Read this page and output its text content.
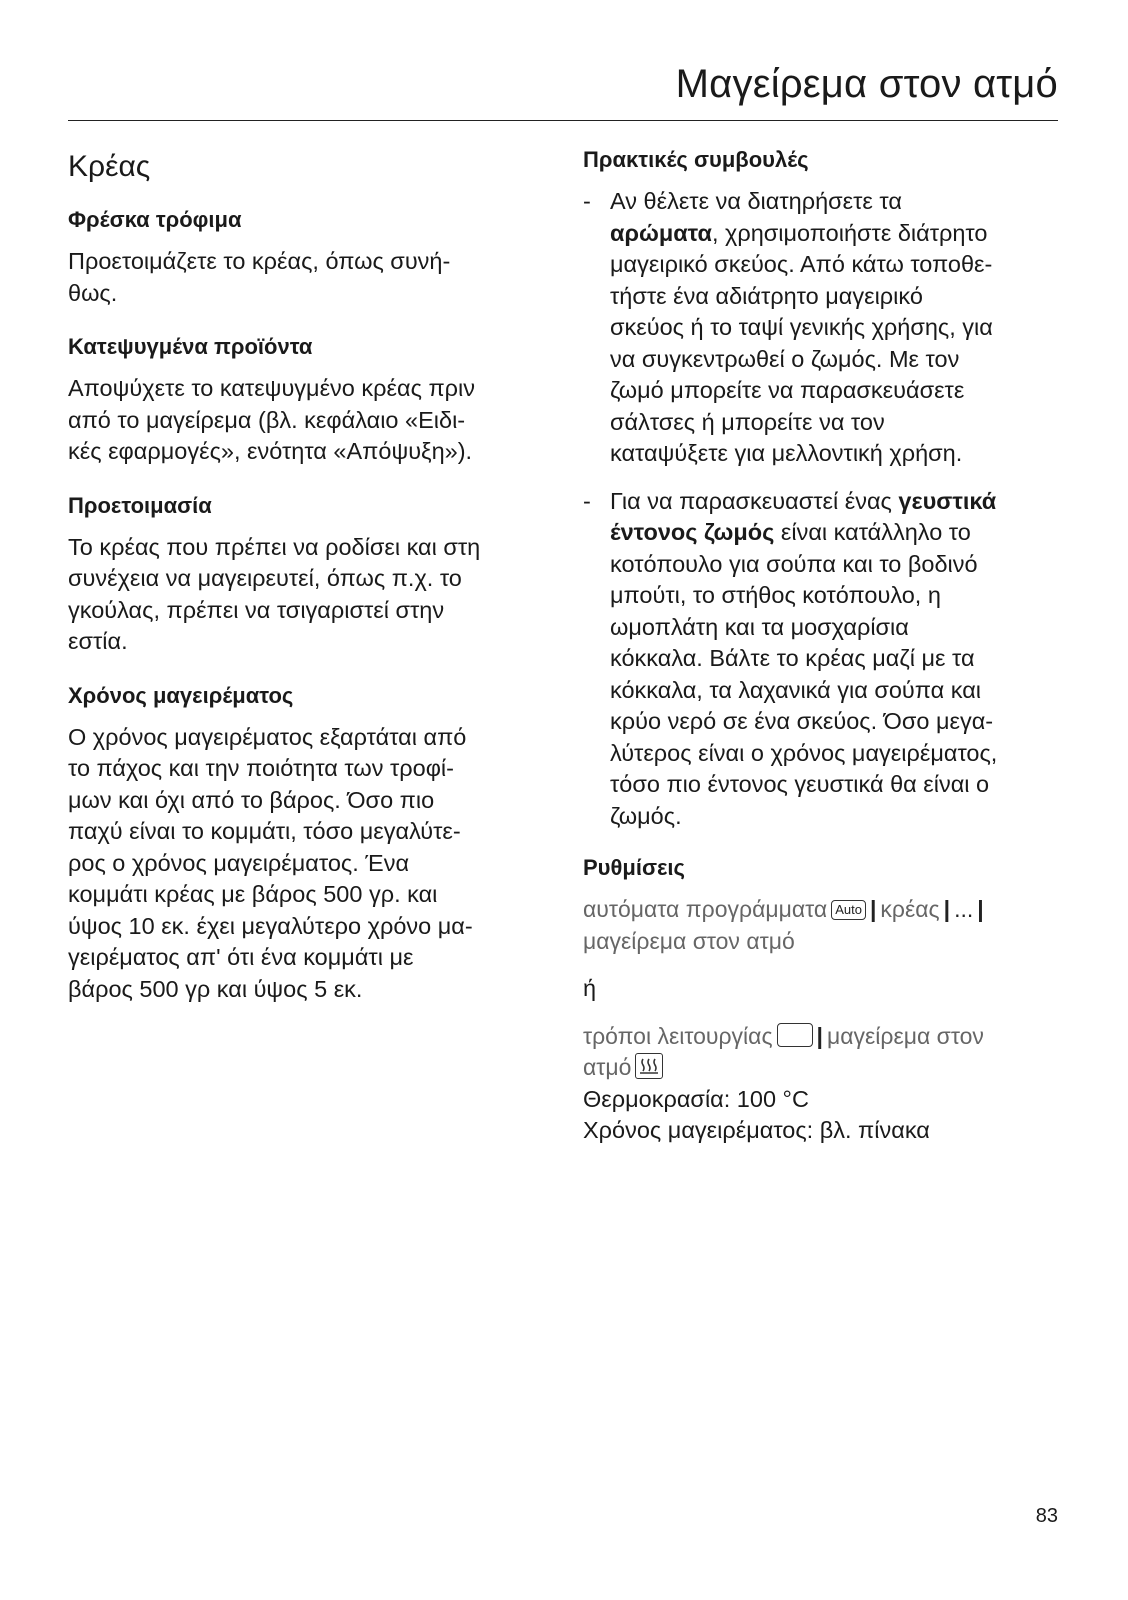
Μαγείρεμα στον ατμό
Κρέας
Φρέσκα τρόφιμα

Προετοιμάζετε το κρέας, όπως συνή-
θως.

Κατεψυγμένα προϊόντα

Αποψύχετε το κατεψυγμένο κρέας πριν
από το μαγείρεμα (βλ. κεφάλαιο «Ειδι-
κές εφαρμογές», ενότητα «Απόψυξη»).

Προετοιμασία

Το κρέας που πρέπει να ροδίσει και στη
συνέχεια να μαγειρευτεί, όπως π.χ. το
γκούλας, πρέπει να τσιγαριστεί στην
εστία.

Χρόνος μαγειρέματος

Ο χρόνος μαγειρέματος εξαρτάται από
το πάχος και την ποιότητα των τροφί-
μων και όχι από το βάρος. Όσο πιο
παχύ είναι το κομμάτι, τόσο μεγαλύτε-
ρος ο χρόνος μαγειρέματος. Ένα
κομμάτι κρέας με βάρος 500 γρ. και
ύψος 10 εκ. έχει μεγαλύτερο χρόνο μα-
γειρέματος απ' ότι ένα κομμάτι με
βάρος 500 γρ και ύψος 5 εκ.

Πρακτικές συμβουλές
- Αν θέλετε να διατηρήσετε τα
αρώματα, χρησιμοποιήστε διάτρητο
μαγειρικό σκεύος. Από κάτω τοποθε-
τήστε ένα αδιάτρητο μαγειρικό
σκεύος ή το ταψί γενικής χρήσης, για
να συγκεντρωθεί ο ζωμός. Με τον
ζωμό μπορείτε να παρασκευάσετε
σάλτσες ή μπορείτε να τον
καταψύξετε για μελλοντική χρήση.
- Για να παρασκευαστεί ένας γευστικά
έντονος ζωμός είναι κατάλληλο το
κοτόπουλο για σούπα και το βοδινό
μπούτι, το στήθος κοτόπουλο, η
ωμοπλάτη και τα μοσχαρίσια
κόκκαλα. Βάλτε το κρέας μαζί με τα
κόκκαλα, τα λαχανικά για σούπα και
κρύο νερό σε ένα σκεύος. Όσο μεγα-
λύτερος είναι ο χρόνος μαγειρέματος,
τόσο πιο έντονος γευστικά θα είναι ο
ζωμός.
Ρυθμίσεις
αυτόματα προγράμματα Auto | κρέας | ... |
μαγείρεμα στον ατμό
ή
τρόποι λειτουργίας | μαγείρεμα στον
ατμό
Θερμοκρασία: 100 °C
Χρόνος μαγειρέματος: βλ. πίνακα
83
